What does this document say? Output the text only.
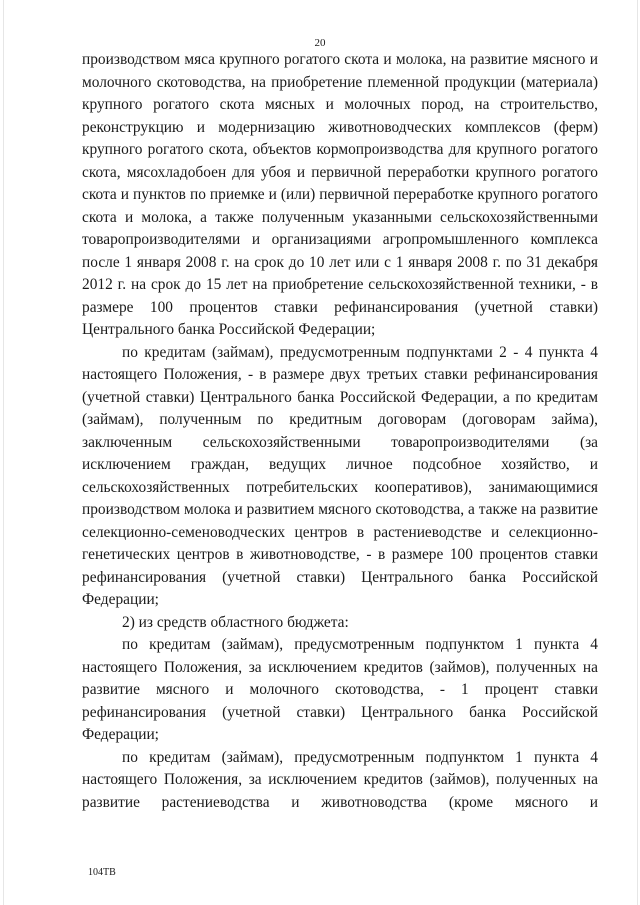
20

производством мяса крупного рогатого скота и молока, на развитие мясного и молочного скотоводства, на приобретение племенной продукции (материала) крупного рогатого скота мясных и молочных пород, на строительство, реконструкцию и модернизацию животноводческих комплексов (ферм) крупного рогатого скота, объектов кормопроизводства для крупного рогатого скота, мясохладобоен для убоя и первичной переработки крупного рогатого скота и пунктов по приемке и (или) первичной переработке крупного рогатого скота и молока, а также полученным указанными сельскохозяйственными товаропроизводителями и организациями агропромышленного комплекса после 1 января 2008 г. на срок до 10 лет или с 1 января 2008 г. по 31 декабря 2012 г. на срок до 15 лет на приобретение сельскохозяйственной техники, - в размере 100 процентов ставки рефинансирования (учетной ставки) Центрального банка Российской Федерации;

по кредитам (займам), предусмотренным подпунктами 2 - 4 пункта 4 настоящего Положения, - в размере двух третьих ставки рефинансирования (учетной ставки) Центрального банка Российской Федерации, а по кредитам (займам), полученным по кредитным договорам (договорам займа), заключенным сельскохозяйственными товаропроизводителями (за исключением граждан, ведущих личное подсобное хозяйство, и сельскохозяйственных потребительских кооперативов), занимающимися производством молока и развитием мясного скотоводства, а также на развитие селекционно-семеноводческих центров в растениеводстве и селекционно-генетических центров в животноводстве, - в размере 100 процентов ставки рефинансирования (учетной ставки) Центрального банка Российской Федерации;

2) из средств областного бюджета:

по кредитам (займам), предусмотренным подпунктом 1 пункта 4 настоящего Положения, за исключением кредитов (займов), полученных на развитие мясного и молочного скотоводства, - 1 процент ставки рефинансирования (учетной ставки) Центрального банка Российской Федерации;

по кредитам (займам), предусмотренным подпунктом 1 пункта 4 настоящего Положения, за исключением кредитов (займов), полученных на развитие растениеводства и животноводства (кроме мясного и

104ТВ
